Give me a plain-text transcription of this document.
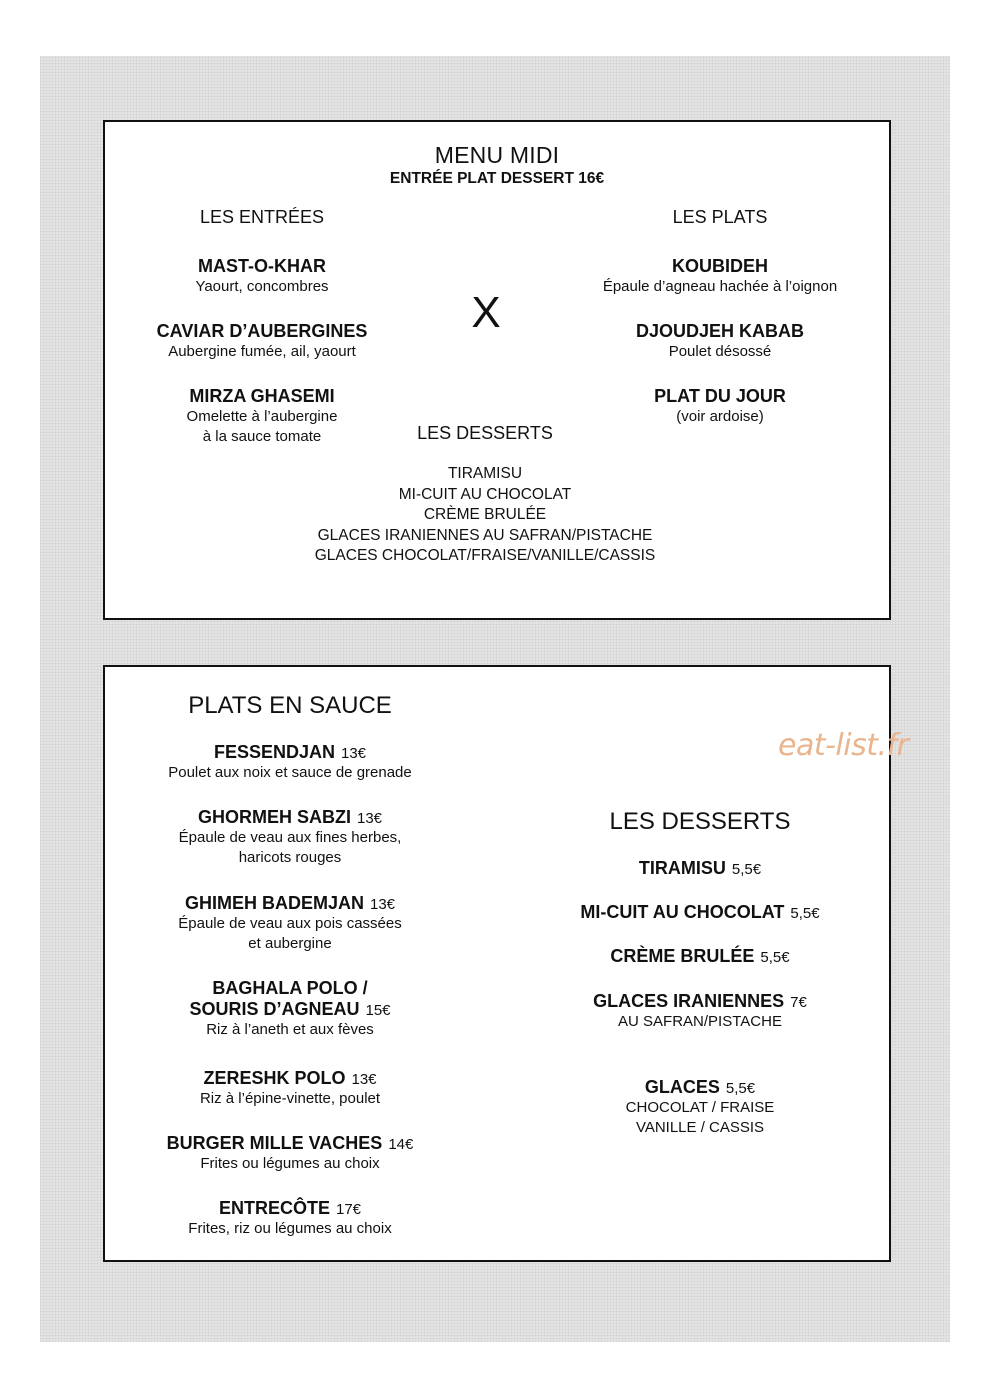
MENU MIDI
ENTRÉE PLAT DESSERT 16€
LES ENTRÉES	LES PLATS
X
MAST-O-KHAR
Yaourt, concombres
CAVIAR D’AUBERGINES
Aubergine fumée, ail, yaourt
MIRZA GHASEMI
Omelette à l’aubergine
à la sauce tomate
KOUBIDEH
Épaule d’agneau hachée à l’oignon
DJOUDJEH KABAB
Poulet désossé
PLAT DU JOUR
(voir ardoise)
LES DESSERTS
TIRAMISU
MI-CUIT AU CHOCOLAT
CRÈME BRULÉE
GLACES IRANIENNES AU SAFRAN/PISTACHE
GLACES CHOCOLAT/FRAISE/VANILLE/CASSIS
eat-list.fr
PLATS EN SAUCE
FESSENDJAN 13€
Poulet aux noix et sauce de grenade
GHORMEH SABZI 13€
Épaule de veau aux fines herbes,
haricots rouges
GHIMEH BADEMJAN 13€
Épaule de veau aux pois cassées
et aubergine
BAGHALA POLO /
SOURIS D’AGNEAU 15€
Riz à l’aneth et aux fèves
ZERESHK POLO 13€
Riz à l’épine-vinette, poulet
BURGER MILLE VACHES 14€
Frites ou légumes au choix
ENTRECÔTE 17€
Frites, riz ou légumes au choix
LES DESSERTS
TIRAMISU 5,5€
MI-CUIT AU CHOCOLAT 5,5€
CRÈME BRULÉE 5,5€
GLACES IRANIENNES 7€
AU SAFRAN/PISTACHE
GLACES 5,5€
CHOCOLAT / FRAISE
VANILLE / CASSIS
